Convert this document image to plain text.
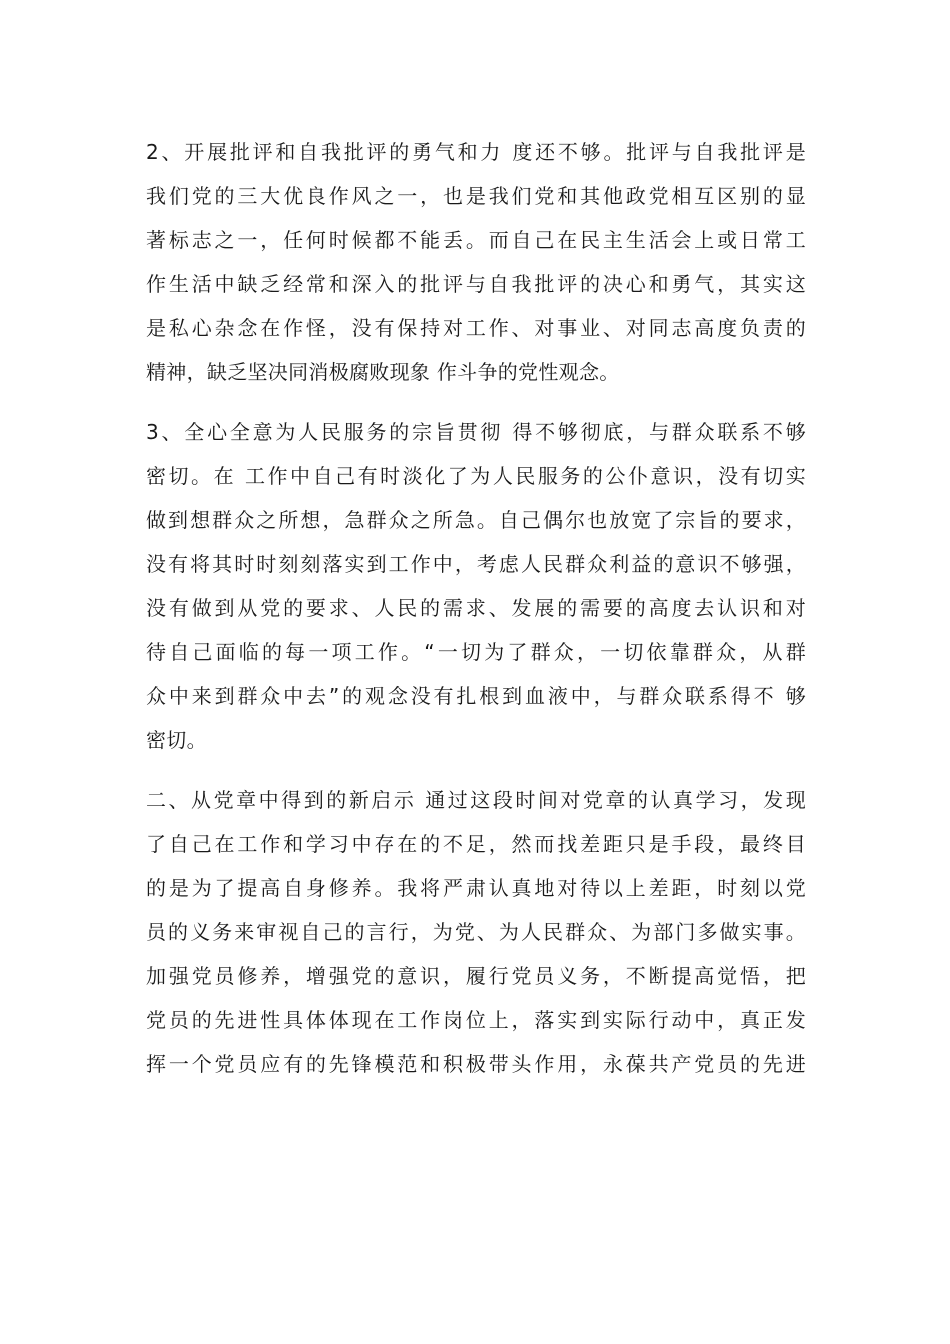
2、开展批评和自我批评的勇气和力 度还不够。批评与自我批评是
我们党的三大优良作风之一，也是我们党和其他政党相互区别的显
著标志之一，任何时候都不能丢。而自己在民主生活会上或日常工
作生活中缺乏经常和深入的批评与自我批评的决心和勇气，其实这
是私心杂念在作怪，没有保持对工作、对事业、对同志高度负责的
精神，缺乏坚决同消极腐败现象 作斗争的党性观念。
3、全心全意为人民服务的宗旨贯彻 得不够彻底，与群众联系不够
密切。在 工作中自己有时淡化了为人民服务的公仆意识，没有切实
做到想群众之所想，急群众之所急。自己偶尔也放宽了宗旨的要求，
没有将其时时刻刻落实到工作中，考虑人民群众利益的意识不够强，
没有做到从党的要求、人民的需求、发展的需要的高度去认识和对
待自己面临的每一项工作。“一切为了群众，一切依靠群众，从群
众中来到群众中去”的观念没有扎根到血液中，与群众联系得不 够
密切。
二、从党章中得到的新启示 通过这段时间对党章的认真学习，发现
了自己在工作和学习中存在的不足，然而找差距只是手段，最终目
的是为了提高自身修养。我将严肃认真地对待以上差距，时刻以党
员的义务来审视自己的言行，为党、为人民群众、为部门多做实事。
加强党员修养，增强党的意识，履行党员义务，不断提高觉悟，把
党员的先进性具体体现在工作岗位上，落实到实际行动中，真正发
挥一个党员应有的先锋模范和积极带头作用，永葆共产党员的先进
